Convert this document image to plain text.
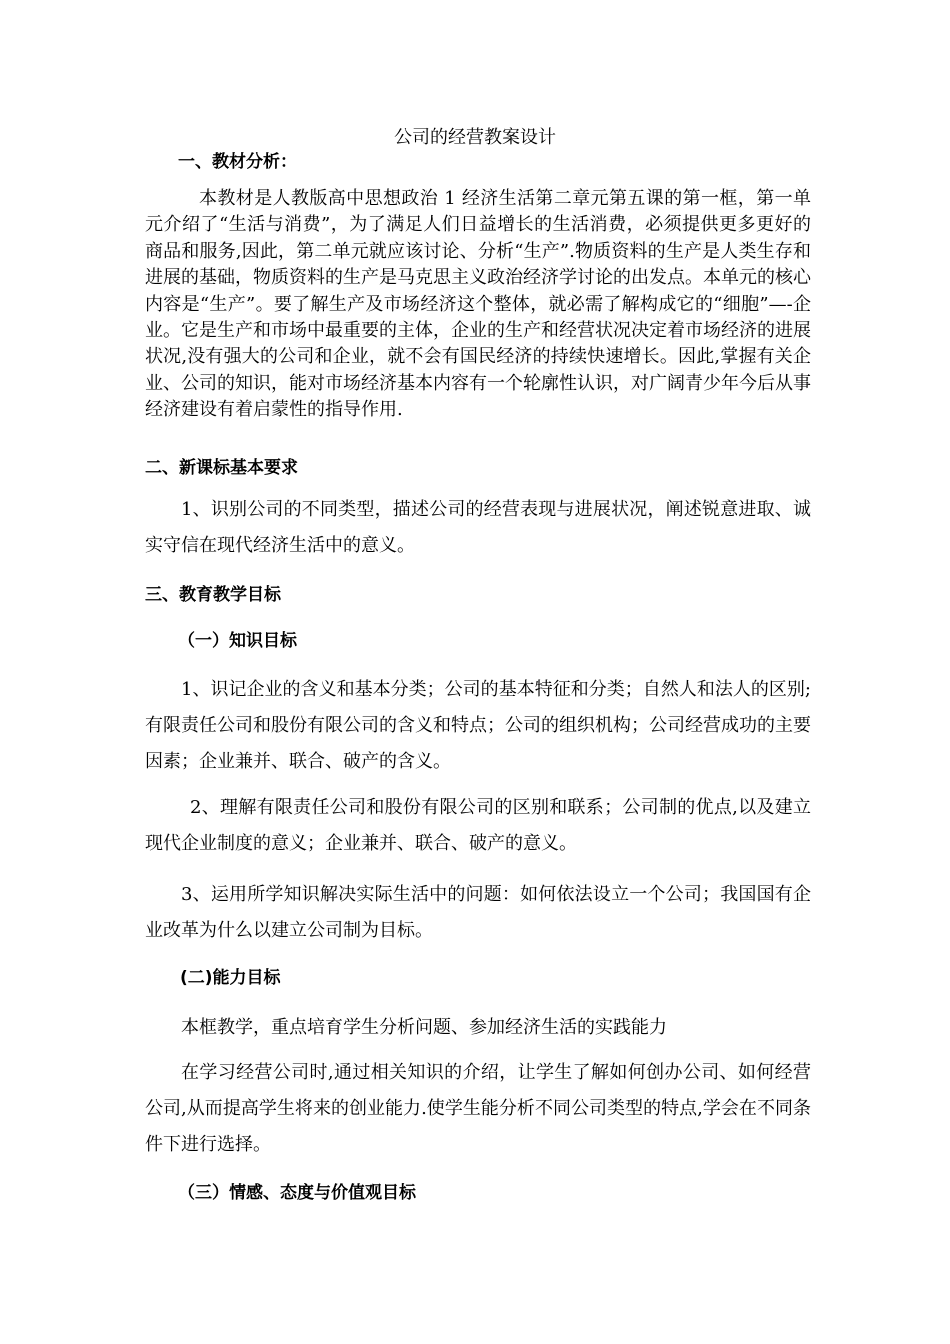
公司的经营教案设计
一、教材分析：
本教材是人教版高中思想政治 1 经济生活第二章元第五课的第一框，第一单元介绍了“生活与消费”，为了满足人们日益增长的生活消费，必须提供更多更好的商品和服务,因此，第二单元就应该讨论、分析“生产”.物质资料的生产是人类生存和进展的基础，物质资料的生产是马克思主义政治经济学讨论的出发点。本单元的核心内容是“生产”。要了解生产及市场经济这个整体，就必需了解构成它的“细胞”—-企业。它是生产和市场中最重要的主体，企业的生产和经营状况决定着市场经济的进展状况,没有强大的公司和企业，就不会有国民经济的持续快速增长。因此,掌握有关企业、公司的知识，能对市场经济基本内容有一个轮廓性认识，对广阔青少年今后从事经济建设有着启蒙性的指导作用.
二、新课标基本要求
1、识别公司的不同类型，描述公司的经营表现与进展状况，阐述锐意进取、诚实守信在现代经济生活中的意义。
三、教育教学目标
（一）知识目标
1、识记企业的含义和基本分类；公司的基本特征和分类；自然人和法人的区别;有限责任公司和股份有限公司的含义和特点；公司的组织机构；公司经营成功的主要因素；企业兼并、联合、破产的含义。
2、理解有限责任公司和股份有限公司的区别和联系；公司制的优点,以及建立现代企业制度的意义；企业兼并、联合、破产的意义。
3、运用所学知识解决实际生活中的问题：如何依法设立一个公司；我国国有企业改革为什么以建立公司制为目标。
(二)能力目标
本框教学，重点培育学生分析问题、参加经济生活的实践能力
在学习经营公司时,通过相关知识的介绍，让学生了解如何创办公司、如何经营公司,从而提高学生将来的创业能力.使学生能分析不同公司类型的特点,学会在不同条件下进行选择。
（三）情感、态度与价值观目标
